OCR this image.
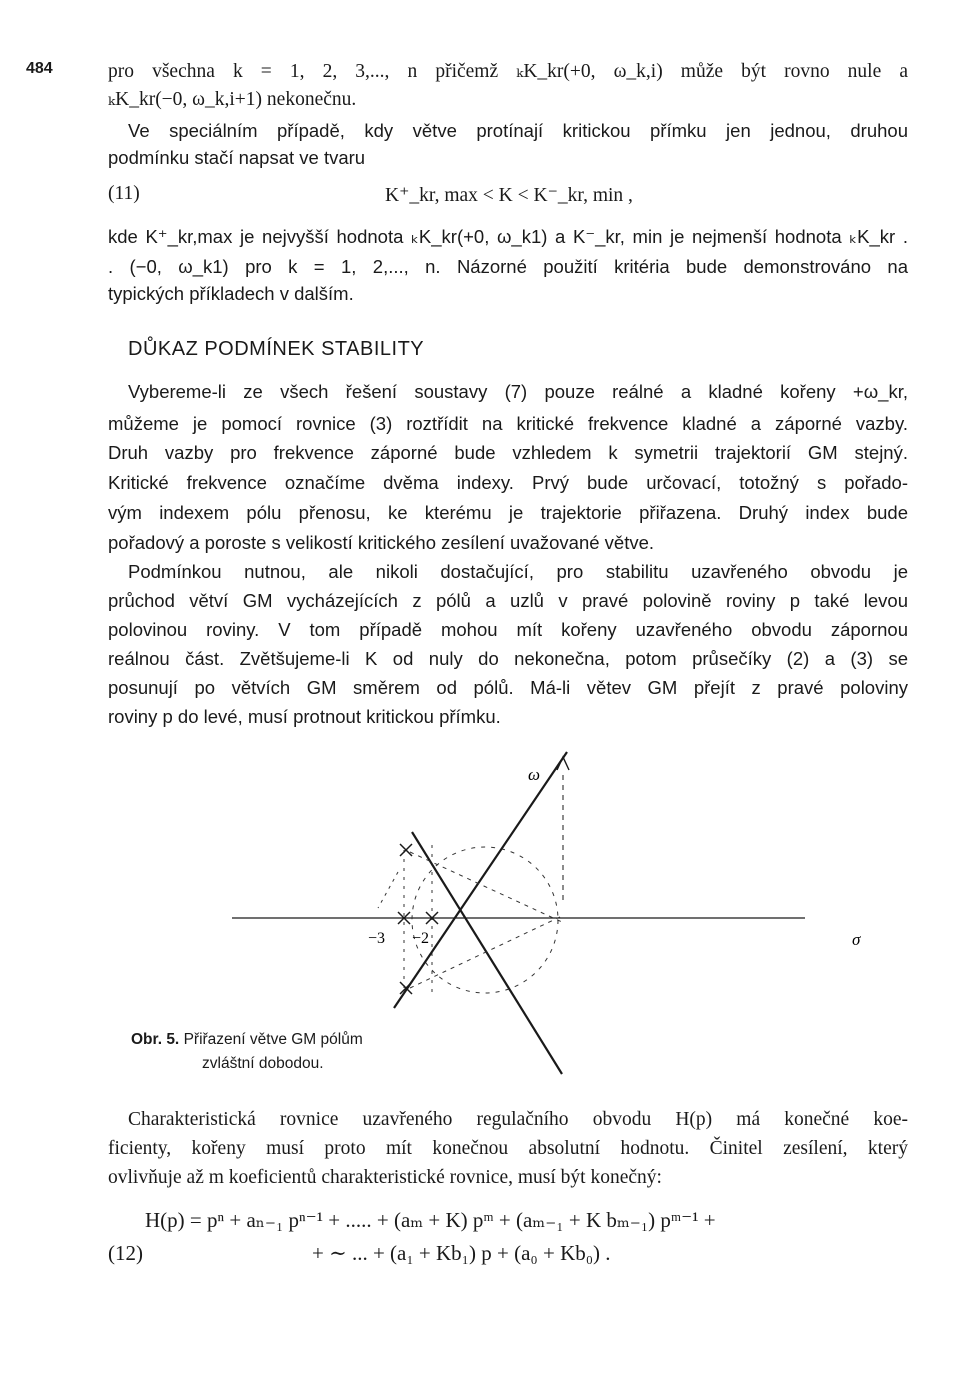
484	pro všechna k = 1, 2, 3,..., n přičemž ₖK_kr(+0, ω_k,i) může být rovno nule a
ₖK_kr(−0, ω_k,i+1) nekonečnu.
Ve speciálním případě, kdy větve protínají kritickou přímku jen jednou, druhou
podmínku stačí napsat ve tvaru
(11)	K⁺_kr, max < K < K⁻_kr, min ,
kde K⁺_kr,max je nejvyšší hodnota ₖK_kr(+0, ω_k1) a K⁻_kr, min je nejmenší hodnota ₖK_kr .
. (−0, ω_k1) pro k = 1, 2,..., n. Názorné použití kritéria bude demonstrováno na
typických příkladech v dalším.
DŮKAZ PODMÍNEK STABILITY
Vybereme-li ze všech řešení soustavy (7) pouze reálné a kladné kořeny +ω_kr,
můžeme je pomocí rovnice (3) roztřídit na kritické frekvence kladné a záporné vazby.
Druh vazby pro frekvence záporné bude vzhledem k symetrii trajektorií GM stejný.
Kritické frekvence označíme dvěma indexy. Prvý bude určovací, totožný s pořado-
vým indexem pólu přenosu, ke kterému je trajektorie přiřazena. Druhý index bude
pořadový a poroste s velikostí kritického zesílení uvažované větve.
Podmínkou nutnou, ale nikoli dostačující, pro stabilitu uzavřeného obvodu je
průchod větví GM vycházejících z pólů a uzlů v pravé polovině roviny p také levou
polovinou roviny. V tom případě mohou mít kořeny uzavřeného obvodu zápornou
reálnou část. Zvětšujeme-li K od nuly do nekonečna, potom průsečíky (2) a (3) se
posunují po větvích GM směrem od pólů. Má-li větev GM přejít z pravé poloviny
roviny p do levé, musí protnout kritickou přímku.
ω
σ
−3 −2
Obr. 5. Přiřazení větve GM pólům
zvláštní dobodou.
Charakteristická rovnice uzavřeného regulačního obvodu H(p) má konečné koe-
ficienty, kořeny musí proto mít konečnou absolutní hodnotu. Činitel zesílení, který
ovlivňuje až m koeficientů charakteristické rovnice, musí být konečný:
H(p) = pⁿ + aₙ₋₁ pⁿ⁻¹ + ..... + (aₘ + K) pᵐ + (aₘ₋₁ + K bₘ₋₁) pᵐ⁻¹ +
(12)	+ ∼ ... + (a₁ + Kb₁) p + (a₀ + Kb₀) .
